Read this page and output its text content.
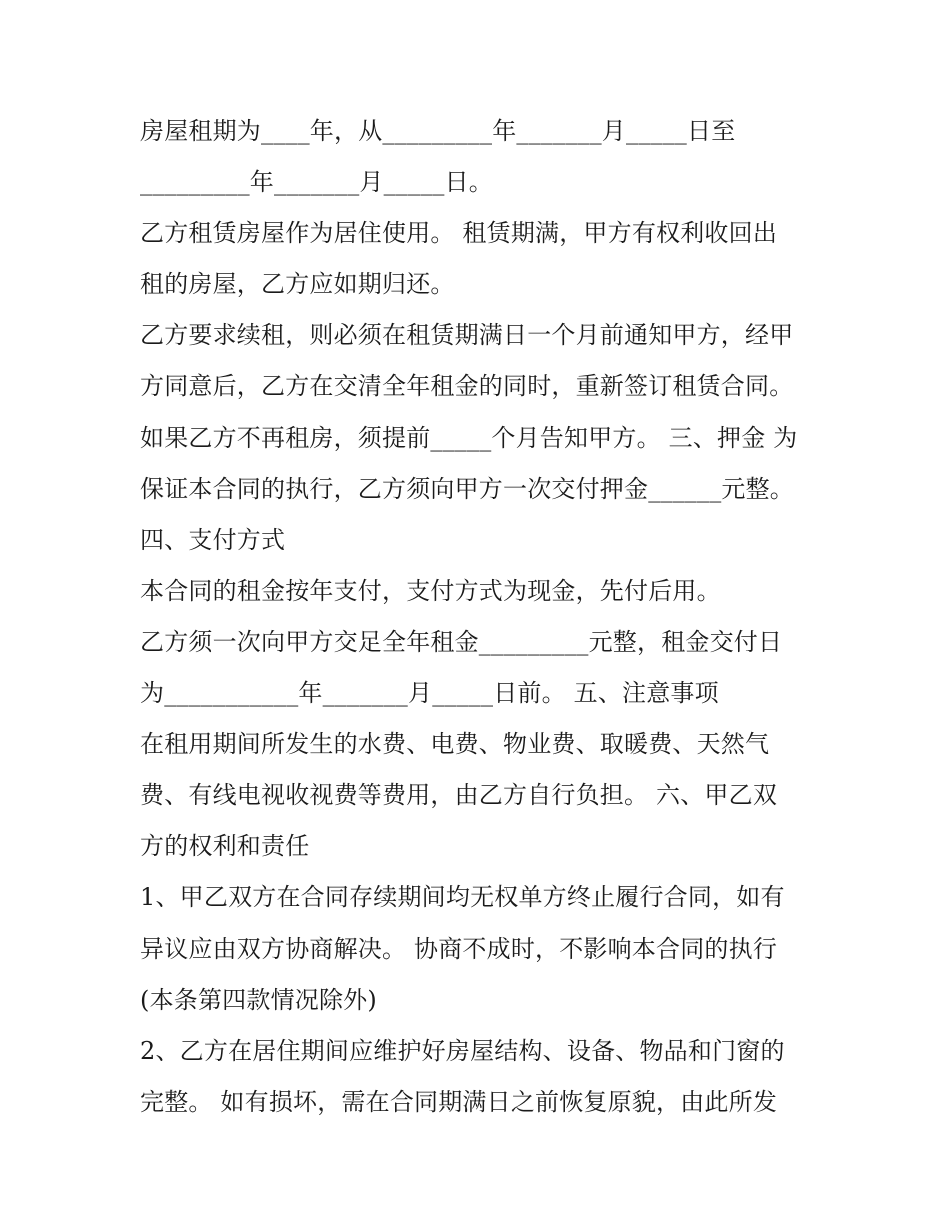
房屋租期为____年，从_________年_______月_____日至
_________年_______月_____日。
乙方租赁房屋作为居住使用。 租赁期满，甲方有权利收回出
租的房屋，乙方应如期归还。
乙方要求续租，则必须在租赁期满日一个月前通知甲方，经甲
方同意后，乙方在交清全年租金的同时，重新签订租赁合同。
如果乙方不再租房，须提前_____个月告知甲方。 三、押金 为
保证本合同的执行，乙方须向甲方一次交付押金______元整。
四、支付方式
本合同的租金按年支付，支付方式为现金，先付后用。
乙方须一次向甲方交足全年租金_________元整，租金交付日
为___________年_______月_____日前。 五、注意事项
在租用期间所发生的水费、电费、物业费、取暖费、天然气
费、有线电视收视费等费用，由乙方自行负担。 六、甲乙双
方的权利和责任
1、甲乙双方在合同存续期间均无权单方终止履行合同，如有
异议应由双方协商解决。 协商不成时，不影响本合同的执行
(本条第四款情况除外)
2、乙方在居住期间应维护好房屋结构、设备、物品和门窗的
完整。 如有损坏，需在合同期满日之前恢复原貌，由此所发
